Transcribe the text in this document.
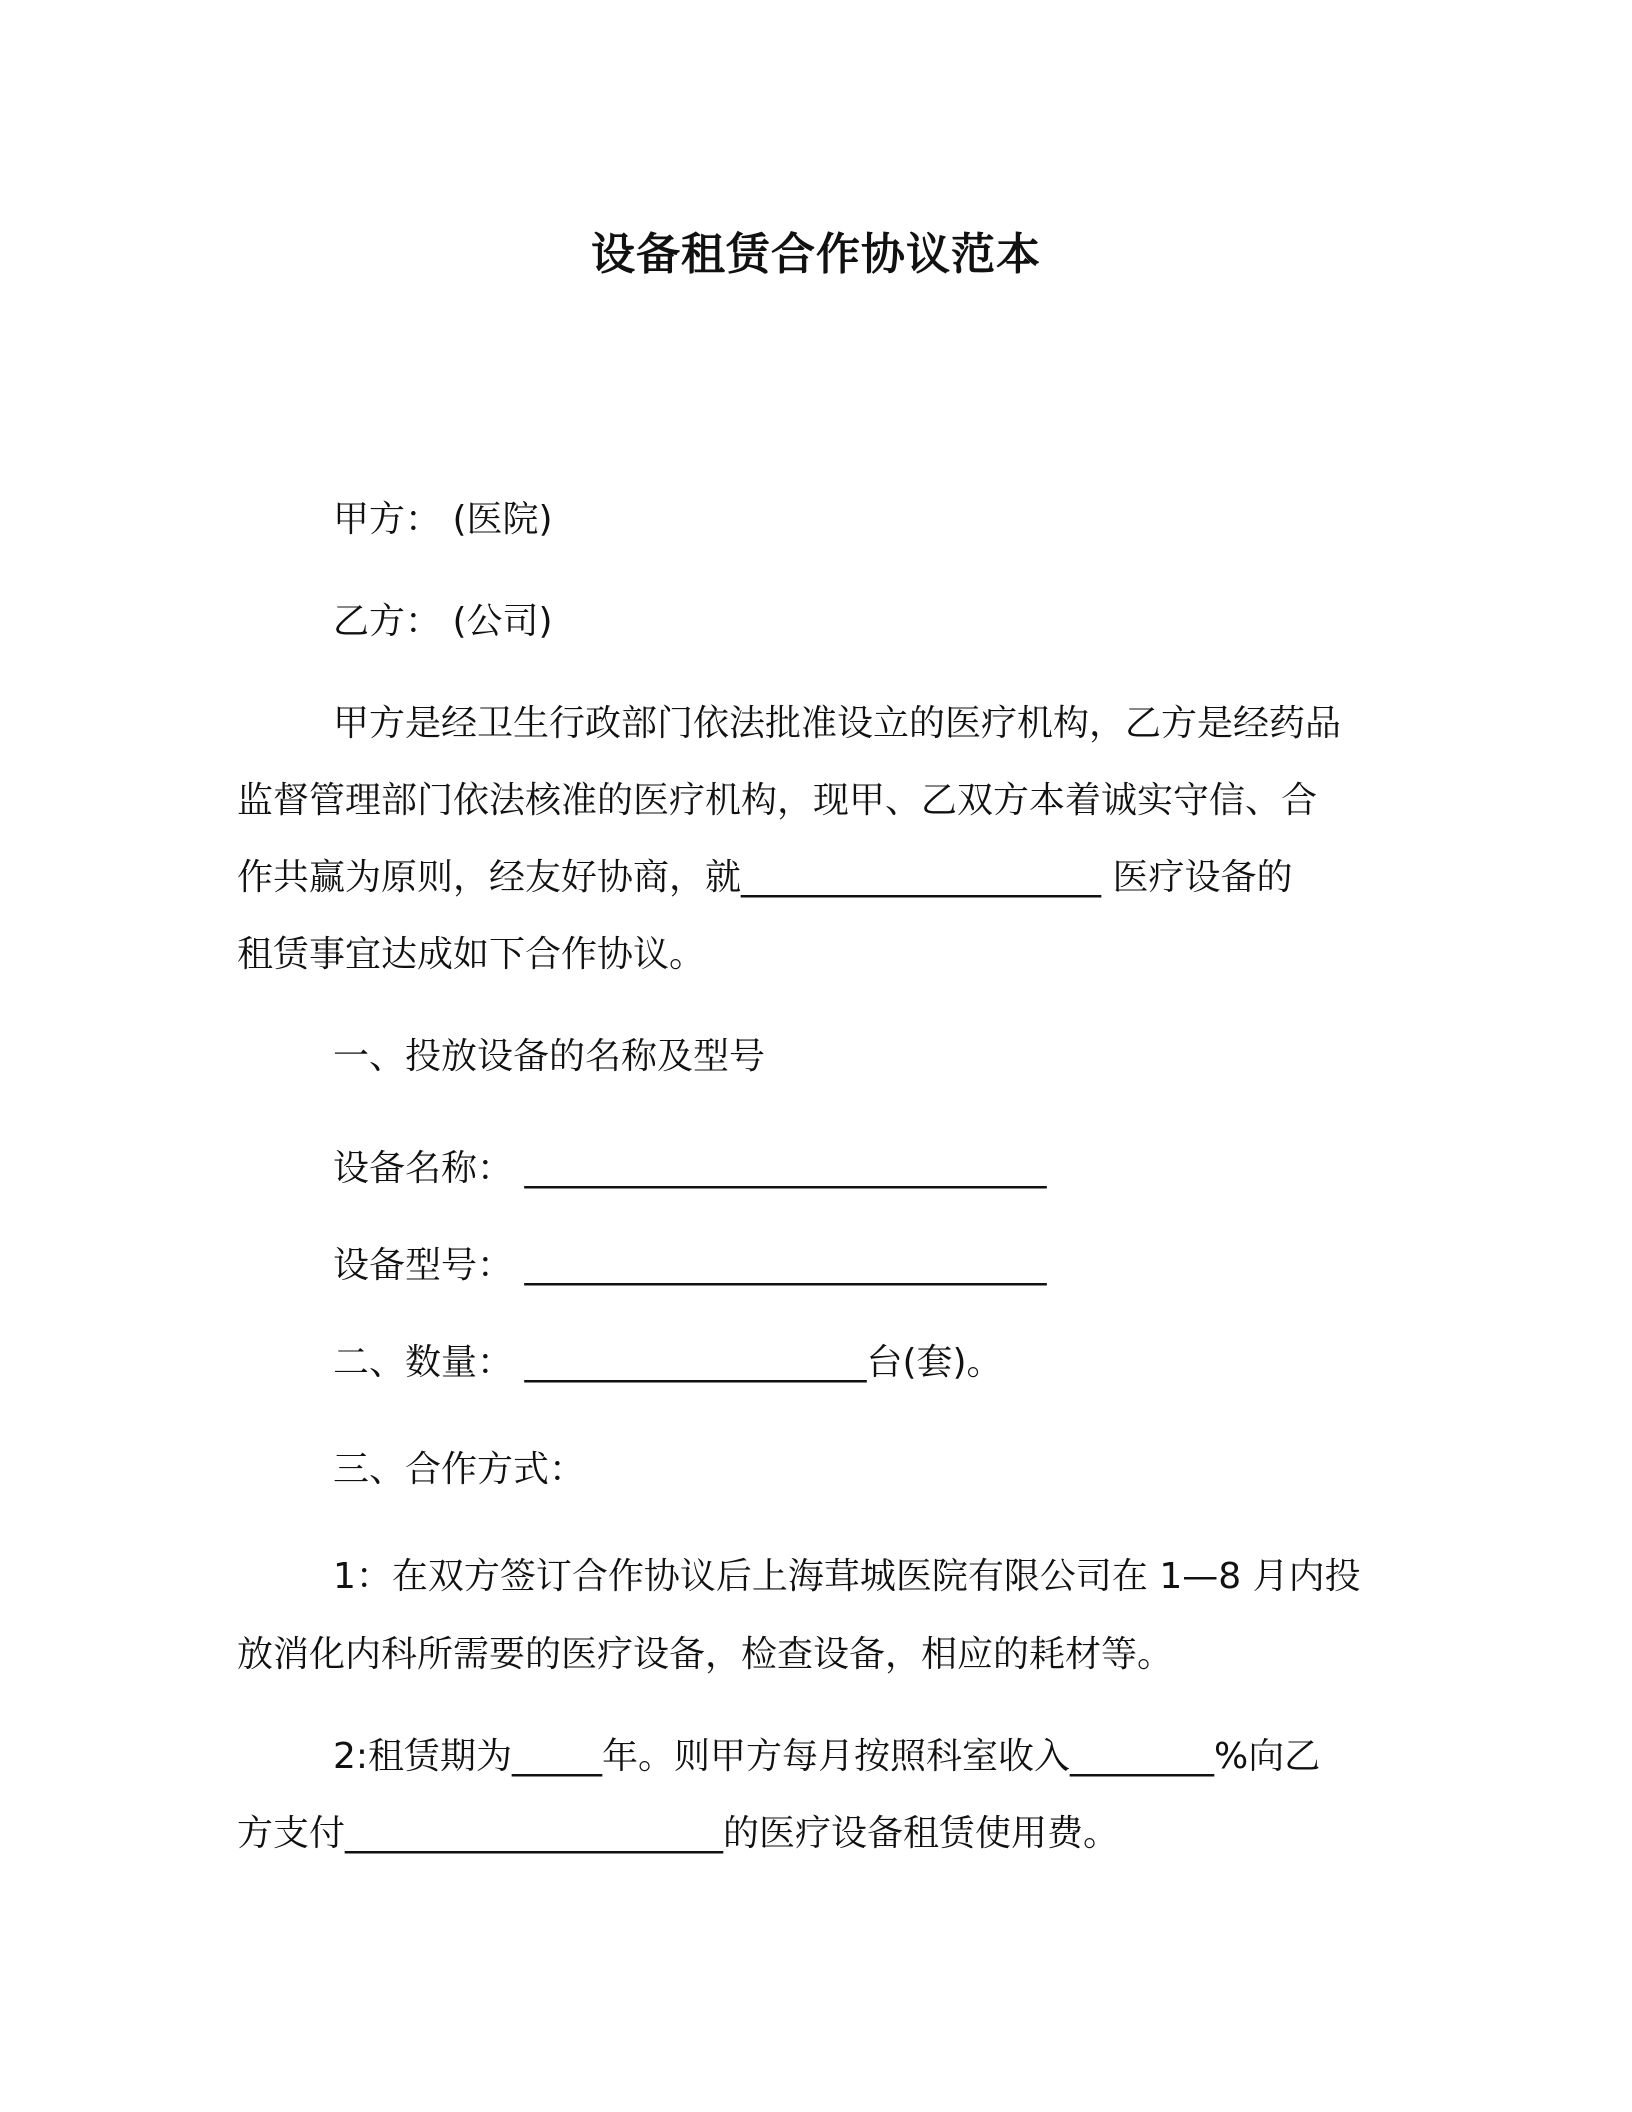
设备租赁合作协议范本
甲方： (医院)
乙方： (公司)
甲方是经卫生行政部门依法批准设立的医疗机构，乙方是经药品
监督管理部门依法核准的医疗机构，现甲、乙双方本着诚实守信、合
作共赢为原则，经友好协商，就____________________ 医疗设备的
租赁事宜达成如下合作协议。
一、投放设备的名称及型号
设备名称： _____________________________
设备型号： _____________________________
二、数量： ___________________台(套)。
三、合作方式：
1：在双方签订合作协议后上海茸城医院有限公司在 1—8 月内投
放消化内科所需要的医疗设备，检查设备，相应的耗材等。
2:租赁期为_____年。则甲方每月按照科室收入________%向乙
方支付_____________________的医疗设备租赁使用费。
